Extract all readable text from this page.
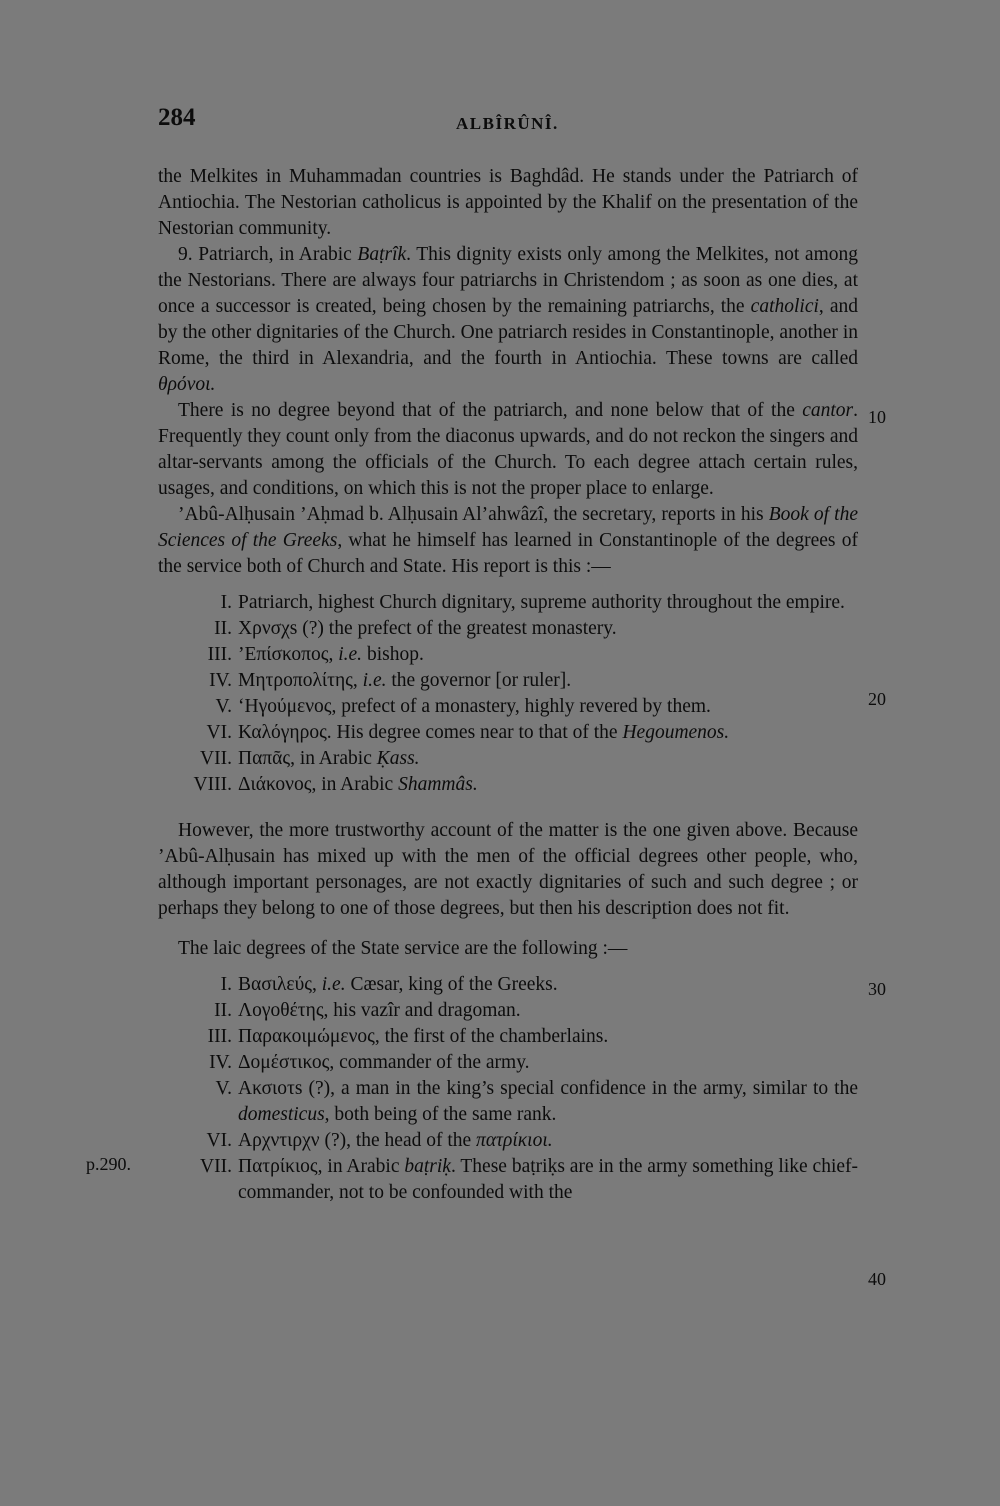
284	ALBÎRÛNÎ.

the Melkites in Muhammadan countries is Baghdâd. He stands under the Patriarch of Antiochia. The Nestorian catholicus is appointed by the Khalif on the presentation of the Nestorian community.

9. Patriarch, in Arabic Baṭrîk. This dignity exists only among the Melkites, not among the Nestorians. There are always four patriarchs in Christendom ; as soon as one dies, at once a successor is created, being chosen by the remaining patriarchs, the catholici, and by the other dignitaries of the Church. One patriarch resides in Constantinople, another in Rome, the third in Alexandria, and the fourth in Antiochia. These towns are called θρόνοι.

There is no degree beyond that of the patriarch, and none below that of the cantor. Frequently they count only from the diaconus upwards, and do not reckon the singers and altar-servants among the officials of the Church. To each degree attach certain rules, usages, and conditions, on which this is not the proper place to enlarge.

’Abû-Alḥusain ’Aḥmad b. Alḥusain Al’ahwâzî, the secretary, reports in his Book of the Sciences of the Greeks, what he himself has learned in Constantinople of the degrees of the service both of Church and State. His report is this :—

I. Patriarch, highest Church dignitary, supreme authority throughout the empire.
II. Χρνσχs (?) the prefect of the greatest monastery.
III. ’Επίσκοπος, i.e. bishop.
IV. Μητροπολίτης, i.e. the governor [or ruler].
V. ‘Ηγούμενος, prefect of a monastery, highly revered by them.
VI. Καλόγηρος. His degree comes near to that of the Hegoumenos.
VII. Παπᾶς, in Arabic Ḳass.
VIII. Διάκονος, in Arabic Shammâs.

However, the more trustworthy account of the matter is the one given above. Because ’Abû-Alḥusain has mixed up with the men of the official degrees other people, who, although important personages, are not exactly dignitaries of such and such degree ; or perhaps they belong to one of those degrees, but then his description does not fit.

The laic degrees of the State service are the following :—

I. Βασιλεύς, i.e. Cæsar, king of the Greeks.
II. Λογοθέτης, his vazîr and dragoman.
III. Παρακοιμώμενος, the first of the chamberlains.
IV. Δομέστικος, commander of the army.
V. Ακσιοτs (?), a man in the king’s special confidence in the army, similar to the domesticus, both being of the same rank.
VI. Αρχντιρχν (?), the head of the πατρίκιοι.
VII. Πατρίκιος, in Arabic baṭriḳ. These baṭriḳs are in the army something like chief-commander, not to be confounded with the
10
20
30
40
p.290.
